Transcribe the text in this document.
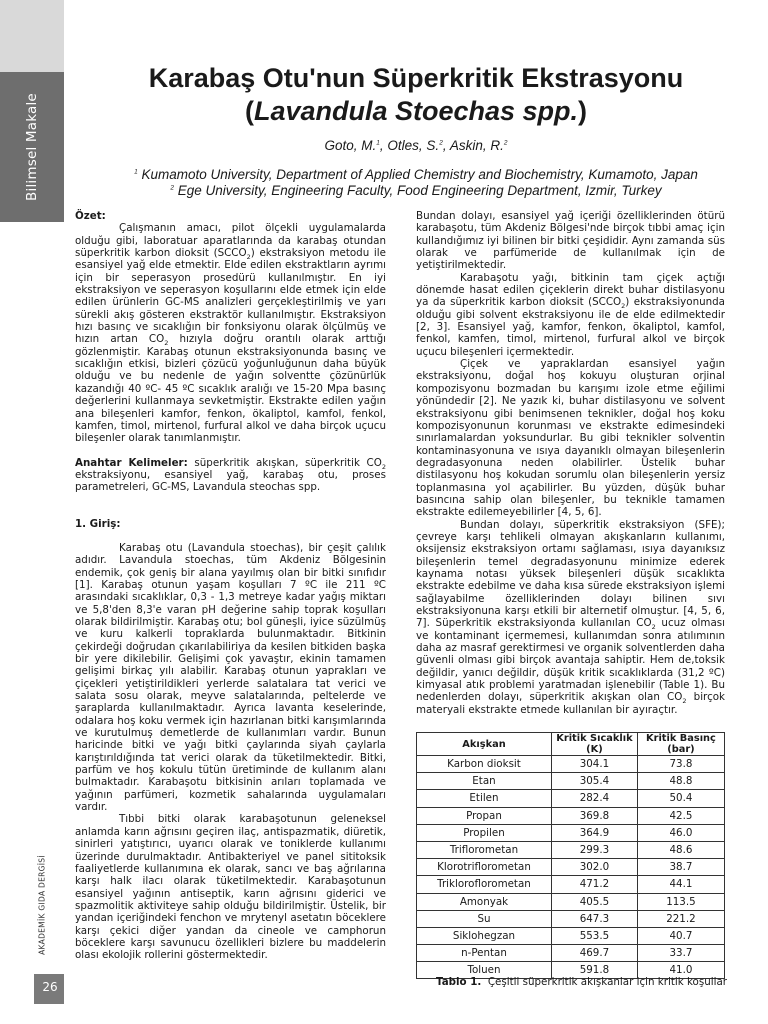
Bilimsel Makale
AKADEMİK GIDA DERGİSİ
26
Karabaş Otu'nun Süperkritik Ekstrasyonu
(Lavandula Stoechas spp.)
Goto, M.$^1$, Otles, S.$^2$, Askin, R.$^2$
$^1$ Kumamoto University, Department of Applied Chemistry and Biochemistry, Kumamoto, Japan
$^2$ Ege University, Engineering Faculty, Food Engineering Department, Izmir, Turkey

Özet:

Çalışmanın amacı, pilot ölçekli uygulamalarda olduğu gibi, laboratuar aparatlarında da karabaş otundan süperkritik karbon dioksit $(SCCO_2)$ ekstraksiyon metodu ile esansiyel yağ elde etmektir. Elde edilen ekstraktların ayrımı için bir seperasyon prosedürü kullanılmıştır. En iyi ekstraksiyon ve seperasyon koşullarını elde etmek için elde edilen ürünlerin GC-MS analizleri gerçekleştirilmiş ve yarı sürekli akış gösteren ekstraktör kullanılmıştır. Ekstraksiyon hızı basınç ve sıcaklığın bir fonksiyonu olarak ölçülmüş ve hızın artan $CO_2$ hızıyla doğru orantılı olarak arttığı gözlenmiştir. Karabaş otunun ekstraksiyonunda basınç ve sıcaklığın etkisi, bizleri çözücü yoğunluğunun daha büyük olduğu ve bu nedenle de yağın solventte çözünürlük kazandığı 40 ºC- 45 ºC sıcaklık aralığı ve 15-20 Mpa basınç değerlerini kullanmaya sevketmiştir. Ekstrakte edilen yağın ana bileşenleri kamfor, fenkon, ökaliptol, kamfol, fenkol, kamfen, timol, mirtenol, furfural alkol ve daha birçok uçucu bileşenler olarak tanımlanmıştır.

Anahtar Kelimeler: süperkritik akışkan, süperkritik $CO_2$ ekstraksiyonu, esansiyel yağ, karabaş otu, proses parametreleri, GC-MS, Lavandula steochas spp.

1. Giriş:

Karabaş otu (Lavandula stoechas), bir çeşit çalılık adıdır. Lavandula stoechas, tüm Akdeniz Bölgesinin endemik, çok geniş bir alana yayılmış olan bir bitki sınıfıdır [1]. Karabaş otunun yaşam koşulları 7 ºC ile 211 ºC arasındaki sıcaklıklar, 0,3 - 1,3 metreye kadar yağış miktarı ve 5,8'den 8,3'e varan pH değerine sahip toprak koşulları olarak bildirilmiştir. Karabaş otu; bol güneşli, iyice süzülmüş ve kuru kalkerli topraklarda bulunmaktadır. Bitkinin çekirdeği doğrudan çıkarılabiliriya da kesilen bitkiden başka bir yere dikilebilir. Gelişimi çok yavaştır, ekinin tamamen gelişimi birkaç yılı alabilir. Karabaş otunun yaprakları ve çiçekleri yetiştirildikleri yerlerde salatalara tat verici ve salata sosu olarak, meyve salatalarında, peltelerde ve şaraplarda kullanılmaktadır. Ayrıca lavanta keselerinde, odalara hoş koku vermek için hazırlanan bitki karışımlarında ve kurutulmuş demetlerde de kullanımları vardır. Bunun haricinde bitki ve yağı bitki çaylarında siyah çaylarla karıştırıldığında tat verici olarak da tüketilmektedir. Bitki, parfüm ve hoş kokulu tütün üretiminde de kullanım alanı bulmaktadır. Karabaşotu bitkisinin arıları toplamada ve yağının parfümeri, kozmetik sahalarında uygulamaları vardır.

Tıbbi bitki olarak karabaşotunun geleneksel anlamda karın ağrısını geçiren ilaç, antispazmatik, diüretik, sinirleri yatıştırıcı, uyarıcı olarak ve toniklerde kullanımı üzerinde durulmaktadır. Antibakteriyel ve panel sititoksik faaliyetlerde kullanımına ek olarak, sancı ve baş ağrılarına karşı halk ilacı olarak tüketilmektedir. Karabaşotunun esansiyel yağının antiseptik, karın ağrısını giderici ve spazmolitik aktiviteye sahip olduğu bildirilmiştir. Üstelik, bir yandan içeriğindeki fenchon ve mrytenyl asetatın böceklere karşı çekici diğer yandan da cineole ve camphorun böceklere karşı savunucu özellikleri bizlere bu maddelerin olası ekolojik rollerini göstermektedir.

Bundan dolayı, esansiyel yağ içeriği özelliklerinden ötürü karabaşotu, tüm Akdeniz Bölgesi'nde birçok tıbbi amaç için kullandığımız iyi bilinen bir bitki çeşididir. Aynı zamanda süs olarak ve parfümeride de kullanılmak için de yetiştirilmektedir.

Karabaşotu yağı, bitkinin tam çiçek açtığı dönemde hasat edilen çiçeklerin direkt buhar distilasyonu ya da süperkritik karbon dioksit $(SCCO_2)$ ekstraksiyonunda olduğu gibi solvent ekstraksiyonu ile de elde edilmektedir [2, 3]. Esansiyel yağ, kamfor, fenkon, ökaliptol, kamfol, fenkol, kamfen, timol, mirtenol, furfural alkol ve birçok uçucu bileşenleri içermektedir.

Çiçek ve yapraklardan esansiyel yağın ekstraksiyonu, doğal hoş kokuyu oluşturan orjinal kompozisyonu bozmadan bu karışımı izole etme eğilimi yönündedir [2]. Ne yazık ki, buhar distilasyonu ve solvent ekstraksiyonu gibi benimsenen teknikler, doğal hoş koku kompozisyonunun korunması ve ekstrakte edimesindeki sınırlamalardan yoksundurlar. Bu gibi teknikler solventin kontaminasyonuna ve ısıya dayanıklı olmayan bileşenlerin degradasyonuna neden olabilirler. Üstelik buhar distilasyonu hoş kokudan sorumlu olan bileşenlerin yersiz toplanmasına yol açabilirler. Bu yüzden, düşük buhar basıncına sahip olan bileşenler, bu teknikle tamamen ekstrakte edilemeyebilirler [4, 5, 6].

Bundan dolayı, süperkritik ekstraksiyon (SFE); çevreye karşı tehlikeli olmayan akışkanların kullanımı, oksijensiz ekstraksiyon ortamı sağlaması, ısıya dayanıksız bileşenlerin temel degradasyonunu minimize ederek kaynama notası yüksek bileşenleri düşük sıcaklıkta ekstrakte edebilme ve daha kısa sürede ekstraksiyon işlemi sağlayabilme özelliklerinden dolayı bilinen sıvı ekstraksiyonuna karşı etkili bir alternetif olmuştur. [4, 5, 6, 7]. Süperkritik ekstraksiyonda kullanılan $CO_2$ ucuz olması ve kontaminant içermemesi, kullanımdan sonra atılımının daha az masraf gerektirmesi ve organik solventlerden daha güvenli olması gibi birçok avantaja sahiptir. Hem de,toksik değildir, yanıcı değildir, düşük kritik sıcaklıklarda (31,2 ºC) kimyasal atık problemi yaratmadan işlenebilir (Table 1). Bu nedenlerden dolayı, süperkritik akışkan olan $CO_2$ birçok materyali ekstrakte etmede kullanılan bir ayıraçtır.

Akışkan	Kritik Sıcaklık (K)	Kritik Basınç (bar)
Karbon dioksit	304.1	73.8
Etan	305.4	48.8
Etilen	282.4	50.4
Propan	369.8	42.5
Propilen	364.9	46.0
Triflorometan	299.3	48.6
Klorotriflorometan	302.0	38.7
Trikloroflorometan	471.2	44.1
Amonyak	405.5	113.5
Su	647.3	221.2
Siklohegzan	553.5	40.7
n-Pentan	469.7	33.7
Toluen	591.8	41.0
Tablo 1. Çeşitli süperkritik akışkanlar için kritik koşullar
